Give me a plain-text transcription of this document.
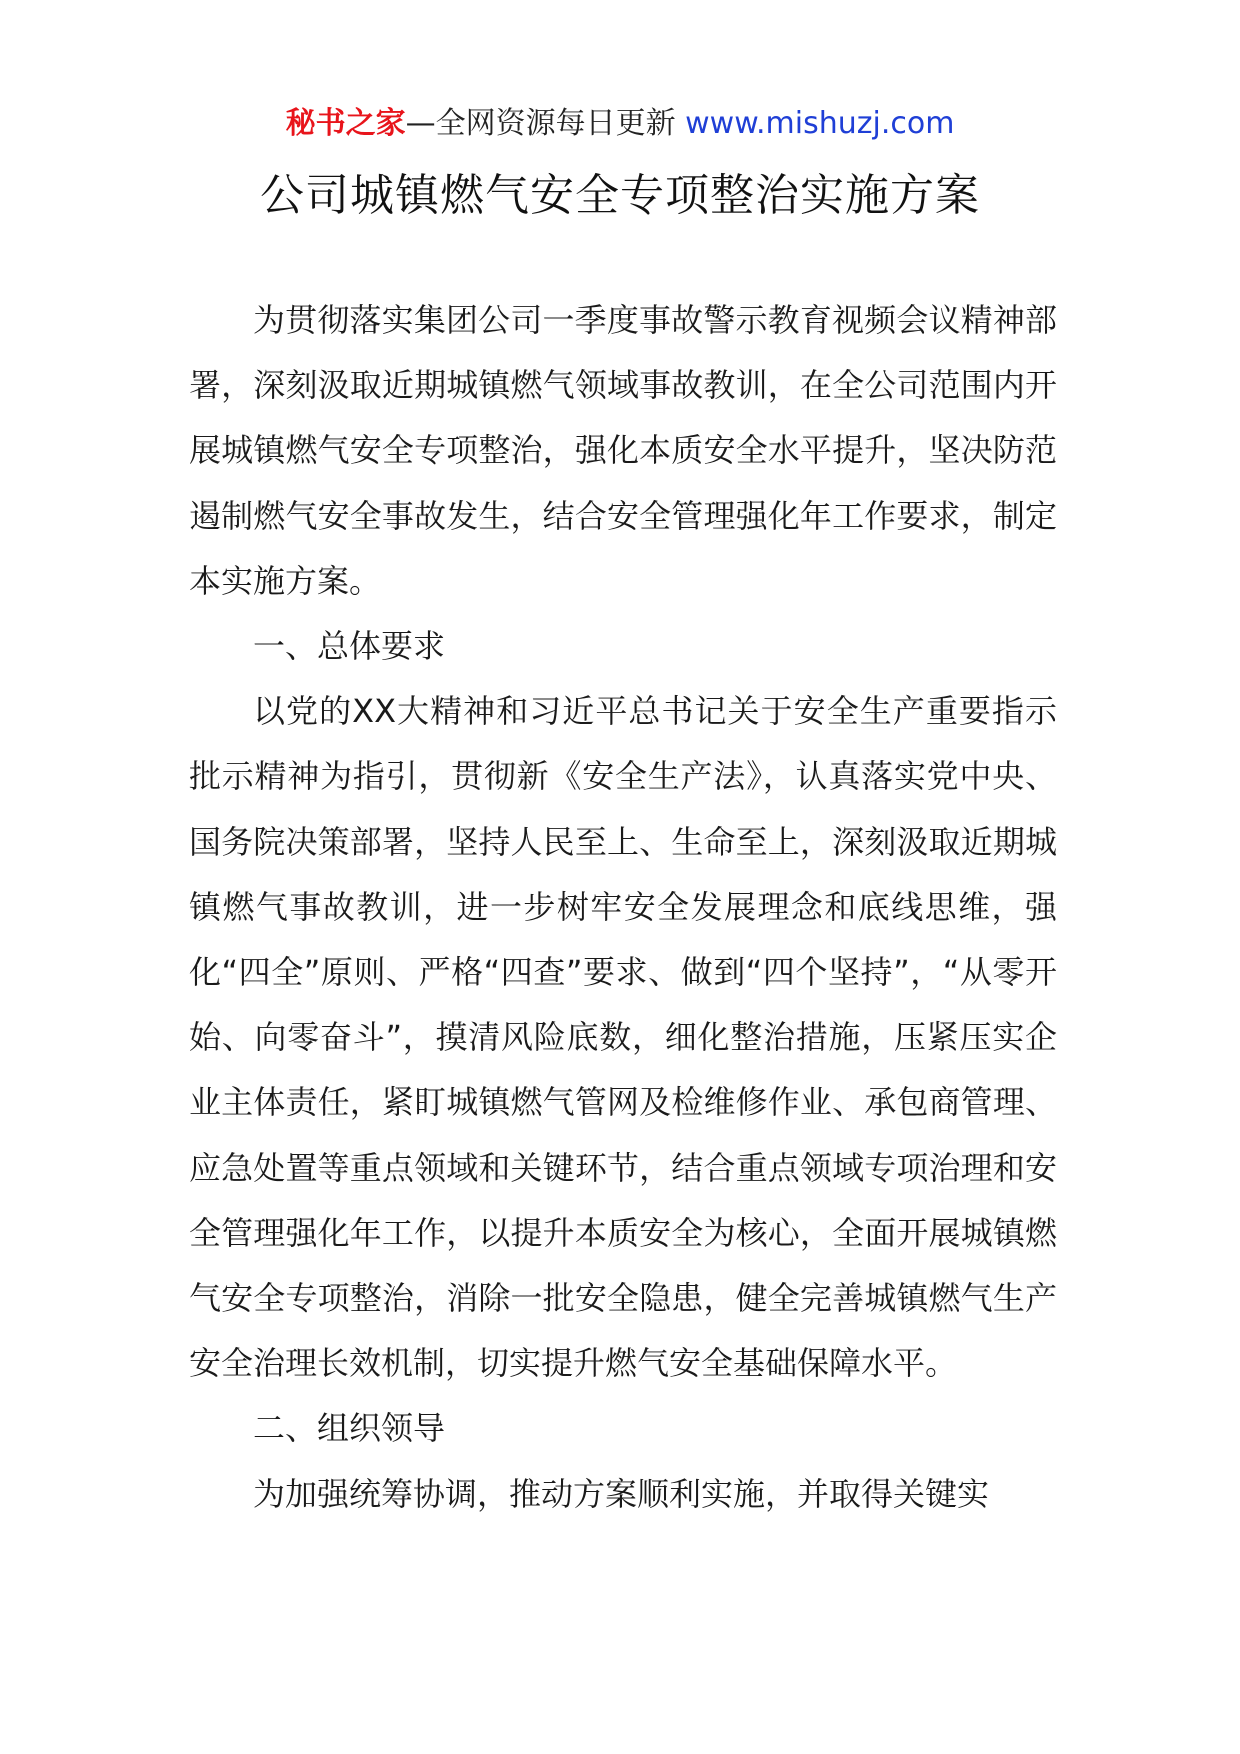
秘书之家—全网资源每日更新 www.mishuzj.com
公司城镇燃气安全专项整治实施方案

为贯彻落实集团公司一季度事故警示教育视频会议精神部署，深刻汲取近期城镇燃气领域事故教训，在全公司范围内开展城镇燃气安全专项整治，强化本质安全水平提升，坚决防范遏制燃气安全事故发生，结合安全管理强化年工作要求，制定本实施方案。

一、总体要求

以党的XX大精神和习近平总书记关于安全生产重要指示批示精神为指引，贯彻新《安全生产法》，认真落实党中央、国务院决策部署，坚持人民至上、生命至上，深刻汲取近期城镇燃气事故教训，进一步树牢安全发展理念和底线思维，强化“四全”原则、严格“四查”要求、做到“四个坚持”，“从零开始、向零奋斗”，摸清风险底数，细化整治措施，压紧压实企业主体责任，紧盯城镇燃气管网及检维修作业、承包商管理、应急处置等重点领域和关键环节，结合重点领域专项治理和安全管理强化年工作，以提升本质安全为核心，全面开展城镇燃气安全专项整治，消除一批安全隐患，健全完善城镇燃气生产安全治理长效机制，切实提升燃气安全基础保障水平。

二、组织领导

为加强统筹协调，推动方案顺利实施，并取得关键实
